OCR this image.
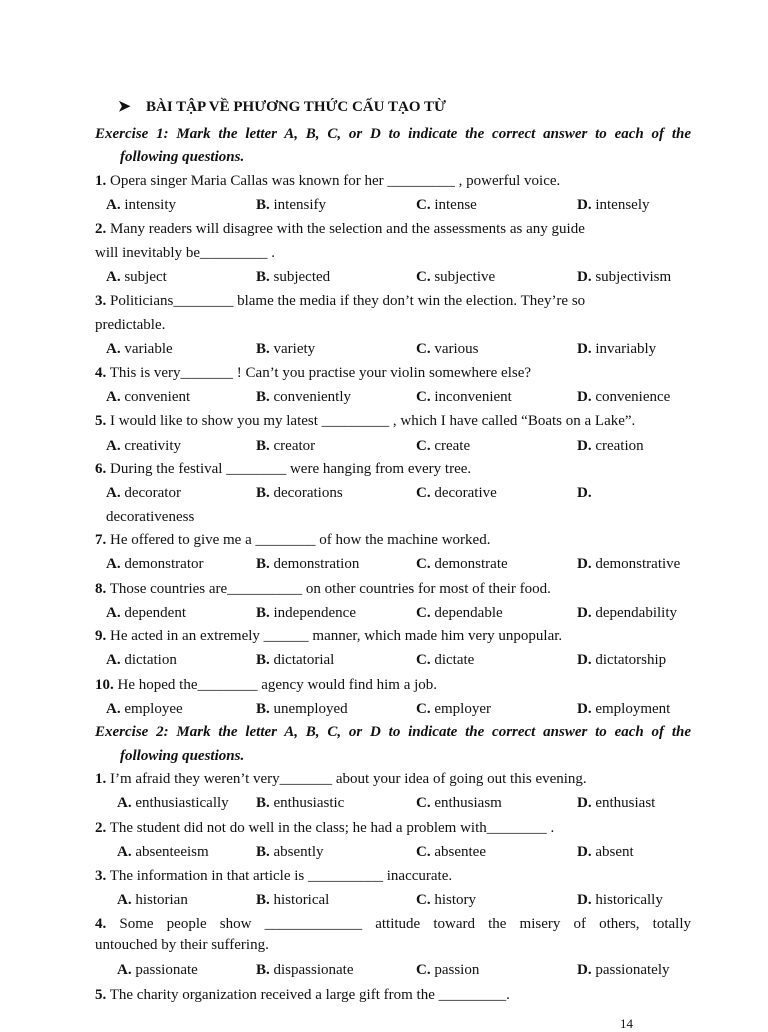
➤ BÀI TẬP VỀ PHƯƠNG THỨC CẤU TẠO TỪ
Exercise 1: Mark the letter A, B, C, or D to indicate the correct answer to each of the
following questions.
1. Opera singer Maria Callas was known for her _________ , powerful voice.
A. intensity	B. intensify	C. intense	D. intensely
2. Many readers will disagree with the selection and the assessments as any guide
will inevitably be_________ .
A. subject	B. subjected	C. subjective	D. subjectivism
3. Politicians________ blame the media if they don’t win the election. They’re so
predictable.
A. variable	B. variety	C. various	D. invariably
4. This is very_______ ! Can’t you practise your violin somewhere else?
A. convenient	B. conveniently	C. inconvenient	D. convenience
5. I would like to show you my latest _________ , which I have called “Boats on a Lake”.
A. creativity	B. creator	C. create	D. creation
6. During the festival ________ were hanging from every tree.
A. decorator	B. decorations	C. decorative	D.
decorativeness
7. He offered to give me a ________ of how the machine worked.
A. demonstrator	B. demonstration	C. demonstrate	D. demonstrative
8. Those countries are__________ on other countries for most of their food.
A. dependent	B. independence	C. dependable	D. dependability
9. He acted in an extremely ______ manner, which made him very unpopular.
A. dictation	B. dictatorial	C. dictate	D. dictatorship
10. He hoped the________ agency would find him a job.
A. employee	B. unemployed	C. employer	D. employment
Exercise 2: Mark the letter A, B, C, or D to indicate the correct answer to each of the
following questions.
1. I’m afraid they weren’t very_______ about your idea of going out this evening.
A. enthusiastically B. enthusiastic	C. enthusiasm	D. enthusiast
2. The student did not do well in the class; he had a problem with________ .
A. absenteeism	B. absently	C. absentee	D. absent
3. The information in that article is __________ inaccurate.
A. historian	B. historical	C. history	D. historically
4. Some people show _____________ attitude toward the misery of others, totally
untouched by their suffering.
A. passionate	B. dispassionate	C. passion	D. passionately
5. The charity organization received a large gift from the _________.
14
